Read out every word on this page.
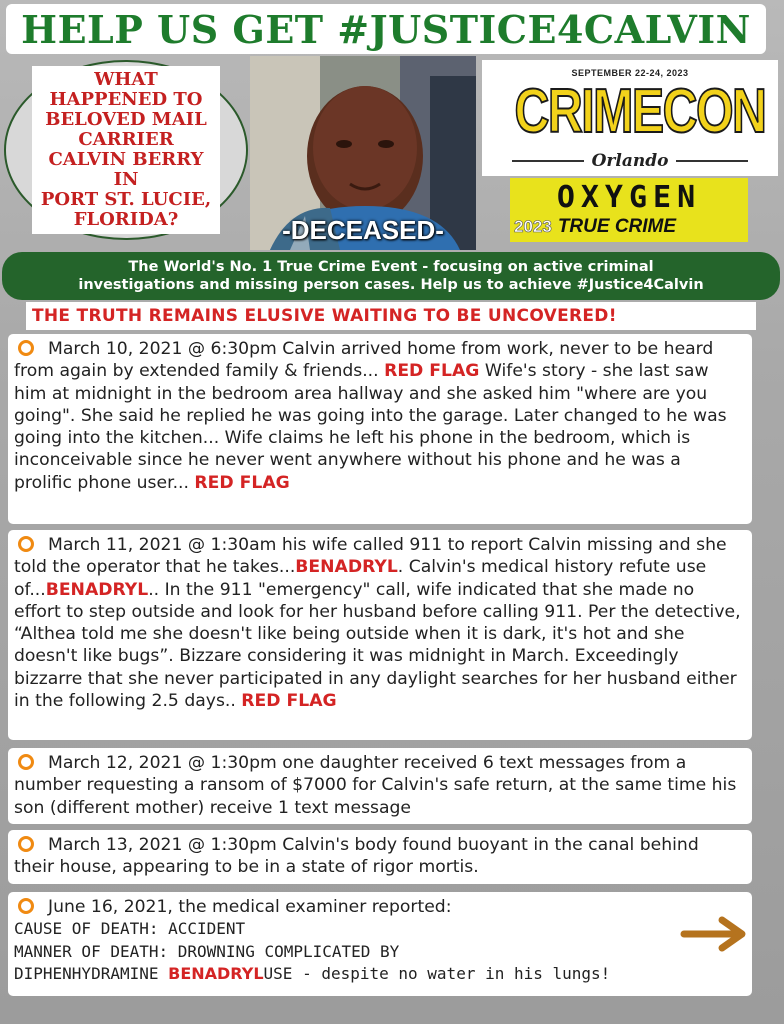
HELP US GET #JUSTICE4CALVIN
WHAT
HAPPENED TO
BELOVED MAIL
CARRIER
CALVIN BERRY IN
PORT ST. LUCIE,
FLORIDA?	-DECEASED-
SEPTEMBER 22-24, 2023
CRIMECON
Orlando
OXYGEN
2023 TRUE CRIME
The World's No. 1 True Crime Event - focusing on active criminal
investigations and missing person cases. Help us to achieve #Justice4Calvin
THE TRUTH REMAINS ELUSIVE WAITING TO BE UNCOVERED!
March 10, 2021 @ 6:30pm Calvin arrived home from work, never to be heard from again by extended family & friends... RED FLAG Wife's story - she last saw him at midnight in the bedroom area hallway and she asked him "where are you going". She said he replied he was going into the garage. Later changed to he was going into the kitchen... Wife claims he left his phone in the bedroom, which is inconceivable since he never went anywhere without his phone and he was a prolific phone user... RED FLAG
March 11, 2021 @ 1:30am his wife called 911 to report Calvin missing and she told the operator that he takes...BENADRYL. Calvin's medical history refute use of...BENADRYL.. In the 911 "emergency" call, wife indicated that she made no effort to step outside and look for her husband before calling 911. Per the detective, “Althea told me she doesn't like being outside when it is dark, it's hot and she doesn't like bugs”. Bizzare considering it was midnight in March. Exceedingly bizzarre that she never participated in any daylight searches for her husband either in the following 2.5 days.. RED FLAG
March 12, 2021 @ 1:30pm one daughter received 6 text messages from a number requesting a ransom of $7000 for Calvin's safe return, at the same time his son (different mother) receive 1 text message
March 13, 2021 @ 1:30pm Calvin's body found buoyant in the canal behind their house, appearing to be in a state of rigor mortis.
June 16, 2021, the medical examiner reported:
CAUSE OF DEATH: ACCIDENT
MANNER OF DEATH: DROWNING COMPLICATED BY
DIPHENHYDRAMINE BENADRYLUSE - despite no water in his lungs!
